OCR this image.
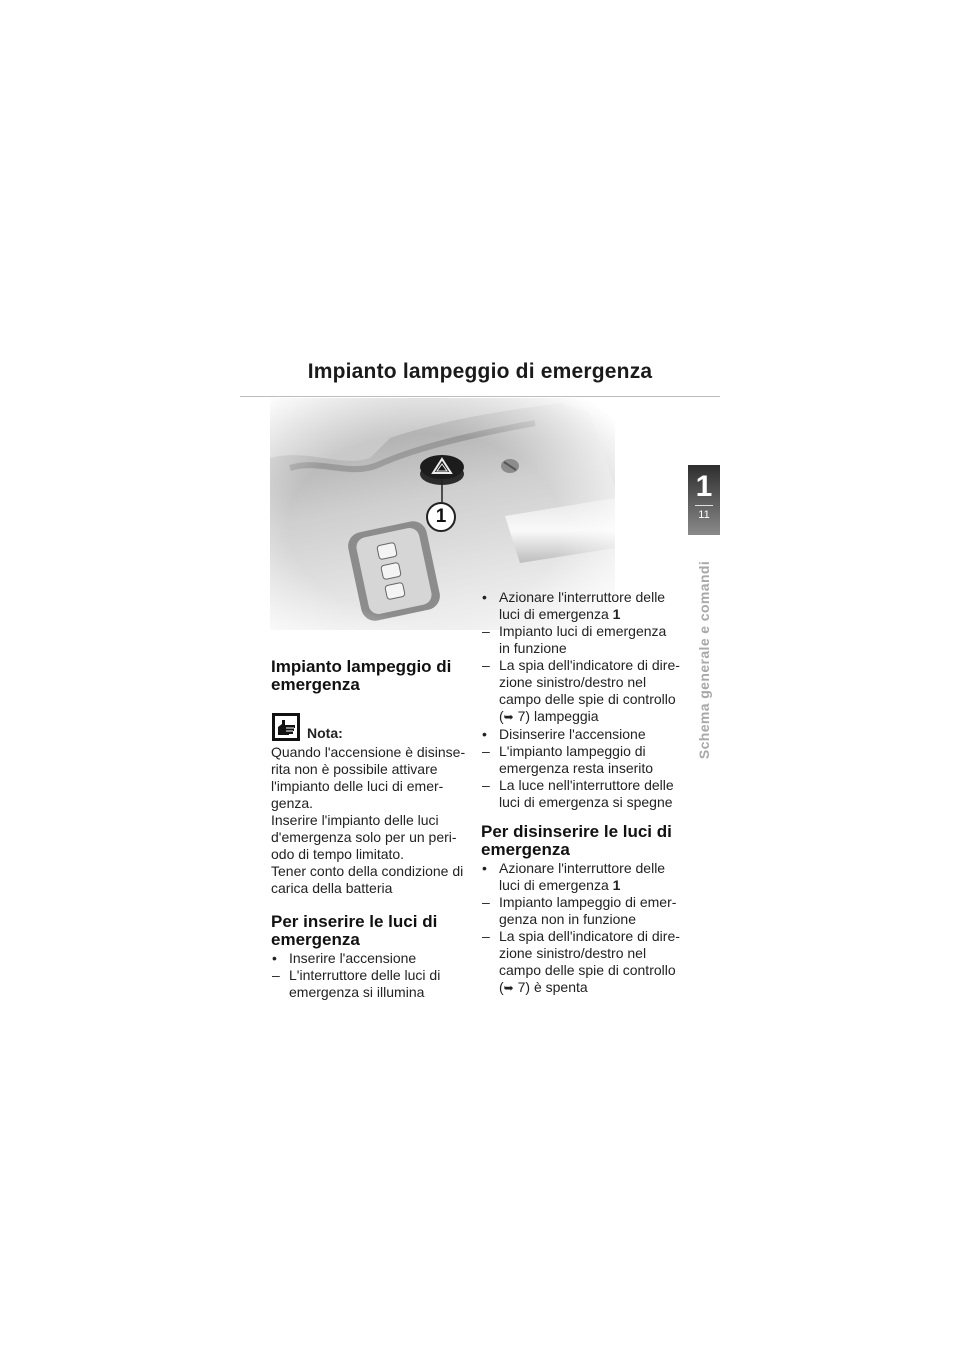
Impianto lampeggio di emergenza
1
1
11
Schema generale e comandi
Impianto lampeggio di emergenza
Nota:

Quando l'accensione è disinse-rita non è possibile attivare l'impianto delle luci di emer-genza.

Inserire l'impianto delle luci d'emergenza solo per un peri-odo di tempo limitato.

Tener conto della condizione di carica della batteria

Per inserire le luci di emergenza

• Inserire l'accensione

– L'interruttore delle luci di emergenza si illumina

• Azionare l'interruttore delle luci di emergenza 1

– Impianto luci di emergenza in funzione

– La spia dell'indicatore di dire-zione sinistro/destro nel campo delle spie di controllo (➥ 7) lampeggia

• Disinserire l'accensione

– L'impianto lampeggio di emergenza resta inserito

– La luce nell'interruttore delle luci di emergenza si spegne

Per disinserire le luci di emergenza

• Azionare l'interruttore delle luci di emergenza 1

– Impianto lampeggio di emer-genza non in funzione

– La spia dell'indicatore di dire-zione sinistro/destro nel campo delle spie di controllo (➥ 7) è spenta
